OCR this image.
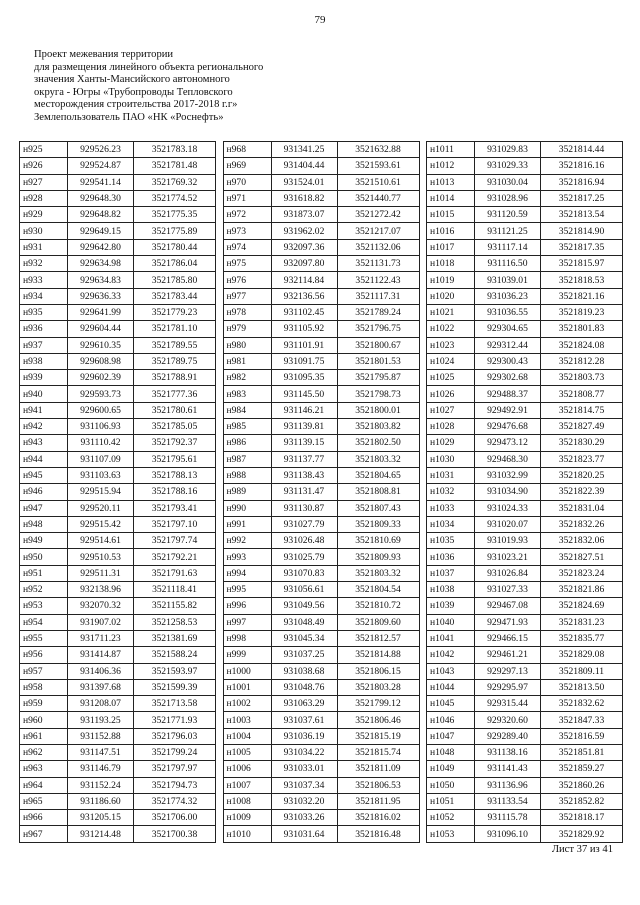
79
Проект межевания территории
для размещения линейного объекта регионального
значения Ханты-Мансийского автономного
округа - Югры «Трубопроводы Тепловского
месторождения строительства 2017-2018 г.г»
Землепользователь ПАО «НК «Роснефть»
н925	929526.23	3521783.18
н926	929524.87	3521781.48
н927	929541.14	3521769.32
н928	929648.30	3521774.52
н929	929648.82	3521775.35
н930	929649.15	3521775.89
н931	929642.80	3521780.44
н932	929634.98	3521786.04
н933	929634.83	3521785.80
н934	929636.33	3521783.44
н935	929641.99	3521779.23
н936	929604.44	3521781.10
н937	929610.35	3521789.55
н938	929608.98	3521789.75
н939	929602.39	3521788.91
н940	929593.73	3521777.36
н941	929600.65	3521780.61
н942	931106.93	3521785.05
н943	931110.42	3521792.37
н944	931107.09	3521795.61
н945	931103.63	3521788.13
н946	929515.94	3521788.16
н947	929520.11	3521793.41
н948	929515.42	3521797.10
н949	929514.61	3521797.74
н950	929510.53	3521792.21
н951	929511.31	3521791.63
н952	932138.96	3521118.41
н953	932070.32	3521155.82
н954	931907.02	3521258.53
н955	931711.23	3521381.69
н956	931414.87	3521588.24
н957	931406.36	3521593.97
н958	931397.68	3521599.39
н959	931208.07	3521713.58
н960	931193.25	3521771.93
н961	931152.88	3521796.03
н962	931147.51	3521799.24
н963	931146.79	3521797.97
н964	931152.24	3521794.73
н965	931186.60	3521774.32
н966	931205.15	3521706.00
н967	931214.48	3521700.38
н968	931341.25	3521632.88
н969	931404.44	3521593.61
н970	931524.01	3521510.61
н971	931618.82	3521440.77
н972	931873.07	3521272.42
н973	931962.02	3521217.07
н974	932097.36	3521132.06
н975	932097.80	3521131.73
н976	932114.84	3521122.43
н977	932136.56	3521117.31
н978	931102.45	3521789.24
н979	931105.92	3521796.75
н980	931101.91	3521800.67
н981	931091.75	3521801.53
н982	931095.35	3521795.87
н983	931145.50	3521798.73
н984	931146.21	3521800.01
н985	931139.81	3521803.82
н986	931139.15	3521802.50
н987	931137.77	3521803.32
н988	931138.43	3521804.65
н989	931131.47	3521808.81
н990	931130.87	3521807.43
н991	931027.79	3521809.33
н992	931026.48	3521810.69
н993	931025.79	3521809.93
н994	931070.83	3521803.32
н995	931056.61	3521804.54
н996	931049.56	3521810.72
н997	931048.49	3521809.60
н998	931045.34	3521812.57
н999	931037.25	3521814.88
н1000	931038.68	3521806.15
н1001	931048.76	3521803.28
н1002	931063.29	3521799.12
н1003	931037.61	3521806.46
н1004	931036.19	3521815.19
н1005	931034.22	3521815.74
н1006	931033.01	3521811.09
н1007	931037.34	3521806.53
н1008	931032.20	3521811.95
н1009	931033.26	3521816.02
н1010	931031.64	3521816.48
н1011	931029.83	3521814.44
н1012	931029.33	3521816.16
н1013	931030.04	3521816.94
н1014	931028.96	3521817.25
н1015	931120.59	3521813.54
н1016	931121.25	3521814.90
н1017	931117.14	3521817.35
н1018	931116.50	3521815.97
н1019	931039.01	3521818.53
н1020	931036.23	3521821.16
н1021	931036.55	3521819.23
н1022	929304.65	3521801.83
н1023	929312.44	3521824.08
н1024	929300.43	3521812.28
н1025	929302.68	3521803.73
н1026	929488.37	3521808.77
н1027	929492.91	3521814.75
н1028	929476.68	3521827.49
н1029	929473.12	3521830.29
н1030	929468.30	3521823.77
н1031	931032.99	3521820.25
н1032	931034.90	3521822.39
н1033	931024.33	3521831.04
н1034	931020.07	3521832.26
н1035	931019.93	3521832.06
н1036	931023.21	3521827.51
н1037	931026.84	3521823.24
н1038	931027.33	3521821.86
н1039	929467.08	3521824.69
н1040	929471.93	3521831.23
н1041	929466.15	3521835.77
н1042	929461.21	3521829.08
н1043	929297.13	3521809.11
н1044	929295.97	3521813.50
н1045	929315.44	3521832.62
н1046	929320.60	3521847.33
н1047	929289.40	3521816.59
н1048	931138.16	3521851.81
н1049	931141.43	3521859.27
н1050	931136.96	3521860.26
н1051	931133.54	3521852.82
н1052	931115.78	3521818.17
н1053	931096.10	3521829.92
Лист 37 из 41
